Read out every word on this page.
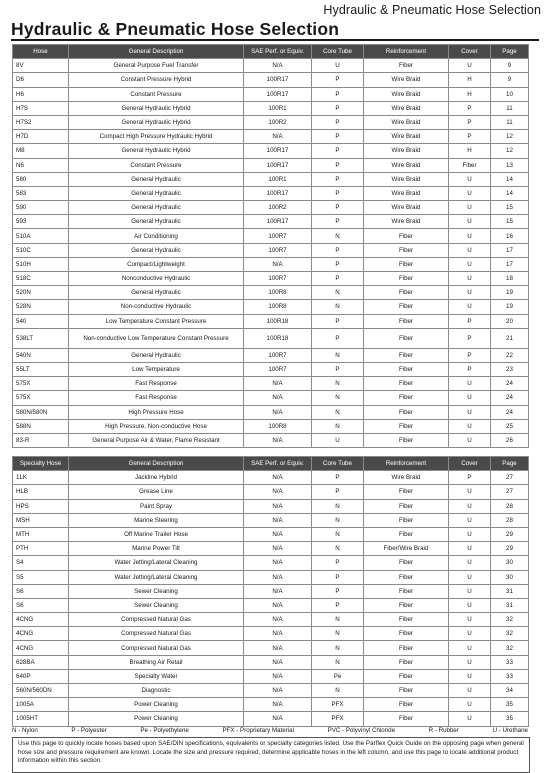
Hydraulic & Pneumatic Hose Selection
Hydraulic & Pneumatic Hose Selection
Hose	General Description	SAE Perf. or Equiv.	Core Tube	Reinforcement	Cover	Page
8V	General Purpose Fuel Transfer	N/A	U	Fiber	U	9
D6	Constant Pressure Hybrid	100R17	P	Wire Braid	H	9
H6	Constant Pressure	100R17	P	Wire Braid	H	10
H7S	General Hydraulic Hybrid	100R1	P	Wire Braid	P	11
H7S2	General Hydraulic Hybrid	100R2	P	Wire Braid	P	11
H7D	Compact High Pressure Hydraulic Hybrid	N/A	P	Wire Braid	P	12
M8	General Hydraulic Hybrid	100R17	P	Wire Braid	H	12
N6	Constant Pressure	100R17	P	Wire Braid	Fiber	13
580	General Hydraulic	100R1	P	Wire Braid	U	14
583	General Hydraulic	100R17	P	Wire Braid	U	14
590	General Hydraulic	100R2	P	Wire Braid	U	15
593	General Hydraulic	100R17	P	Wire Braid	U	15
510A	Air Conditioning	100R7	N	Fiber	U	16
510C	General Hydraulic	100R7	P	Fiber	U	17
510H	Compact/Lightweight	N/A	P	Fiber	U	17
518C	Nonconductive Hydraulic	100R7	P	Fiber	U	18
520N	General Hydraulic	100R8	N	Fiber	U	19
528N	Non-conductive Hydraulic	100R8	N	Fiber	U	19
540	Low Temperature Constant Pressure	100R18	P	Fiber	P	20
538LT	Non-conductive Low Temperature Constant Pressure	100R18	P	Fiber	P	21
540N	General Hydraulic	100R7	N	Fiber	P	22
55LT	Low Temperature	100R7	P	Fiber	P	23
575X	Fast Response	N/A	N	Fiber	U	24
575X	Fast Response	N/A	N	Fiber	U	24
580N/580N	High Pressure Hose	N/A	N	Fiber	U	24
588N	High Pressure, Non-conductive Hose	100R8	N	Fiber	U	25
83-R	General Purpose Air & Water, Flame Resistant	N/A	U	Fiber	U	26
Specialty Hose	General Description	SAE Perf. or Equiv.	Core Tube	Reinforcement	Cover	Page
1LK	Jackline Hybrid	N/A	P	Wire Braid	P	27
HLB	Grease Line	N/A	P	Fiber	U	27
HPS	Paint Spray	N/A	N	Fiber	U	28
MSH	Marine Steering	N/A	N	Fiber	U	28
MTH	Off Marine Trailer Hose	N/A	N	Fiber	U	29
PTH	Marine Power Tilt	N/A	N	Fiber/Wire Braid	U	29
S4	Water Jetting/Lateral Cleaning	N/A	P	Fiber	U	30
S5	Water Jetting/Lateral Cleaning	N/A	P	Fiber	U	30
S6	Sewer Cleaning	N/A	P	Fiber	U	31
S6	Sewer Cleaning	N/A	P	Fiber	U	31
4CNG	Compressed Natural Gas	N/A	N	Fiber	U	32
4CNG	Compressed Natural Gas	N/A	N	Fiber	U	32
4CNG	Compressed Natural Gas	N/A	N	Fiber	U	32
628BA	Breathing Air Retail	N/A	N	Fiber	U	33
640P	Specialty Water	N/A	Pe	Fiber	U	33
560N/560DN	Diagnostic	N/A	N	Fiber	U	34
1005A	Power Cleaning	N/A	PFX	Fiber	U	35
1005HT	Power Cleaning	N/A	PFX	Fiber	U	35
N - Nylon	P - Polyester	Pe - Polyethylene	PFX - Proprietary Material	PVC - Polyvinyl Chloride	R - Rubber	U - Urethane
Use this page to quickly locate hoses based upon SAE/DIN specifications, equivalents or specialty categories listed. Use the Parflex Quick Guide on the opposing page when general hose size and pressure requirement are known. Locate the size and pressure required, determine applicable hoses in the left column, and use this page to locate additional product information within this section.
